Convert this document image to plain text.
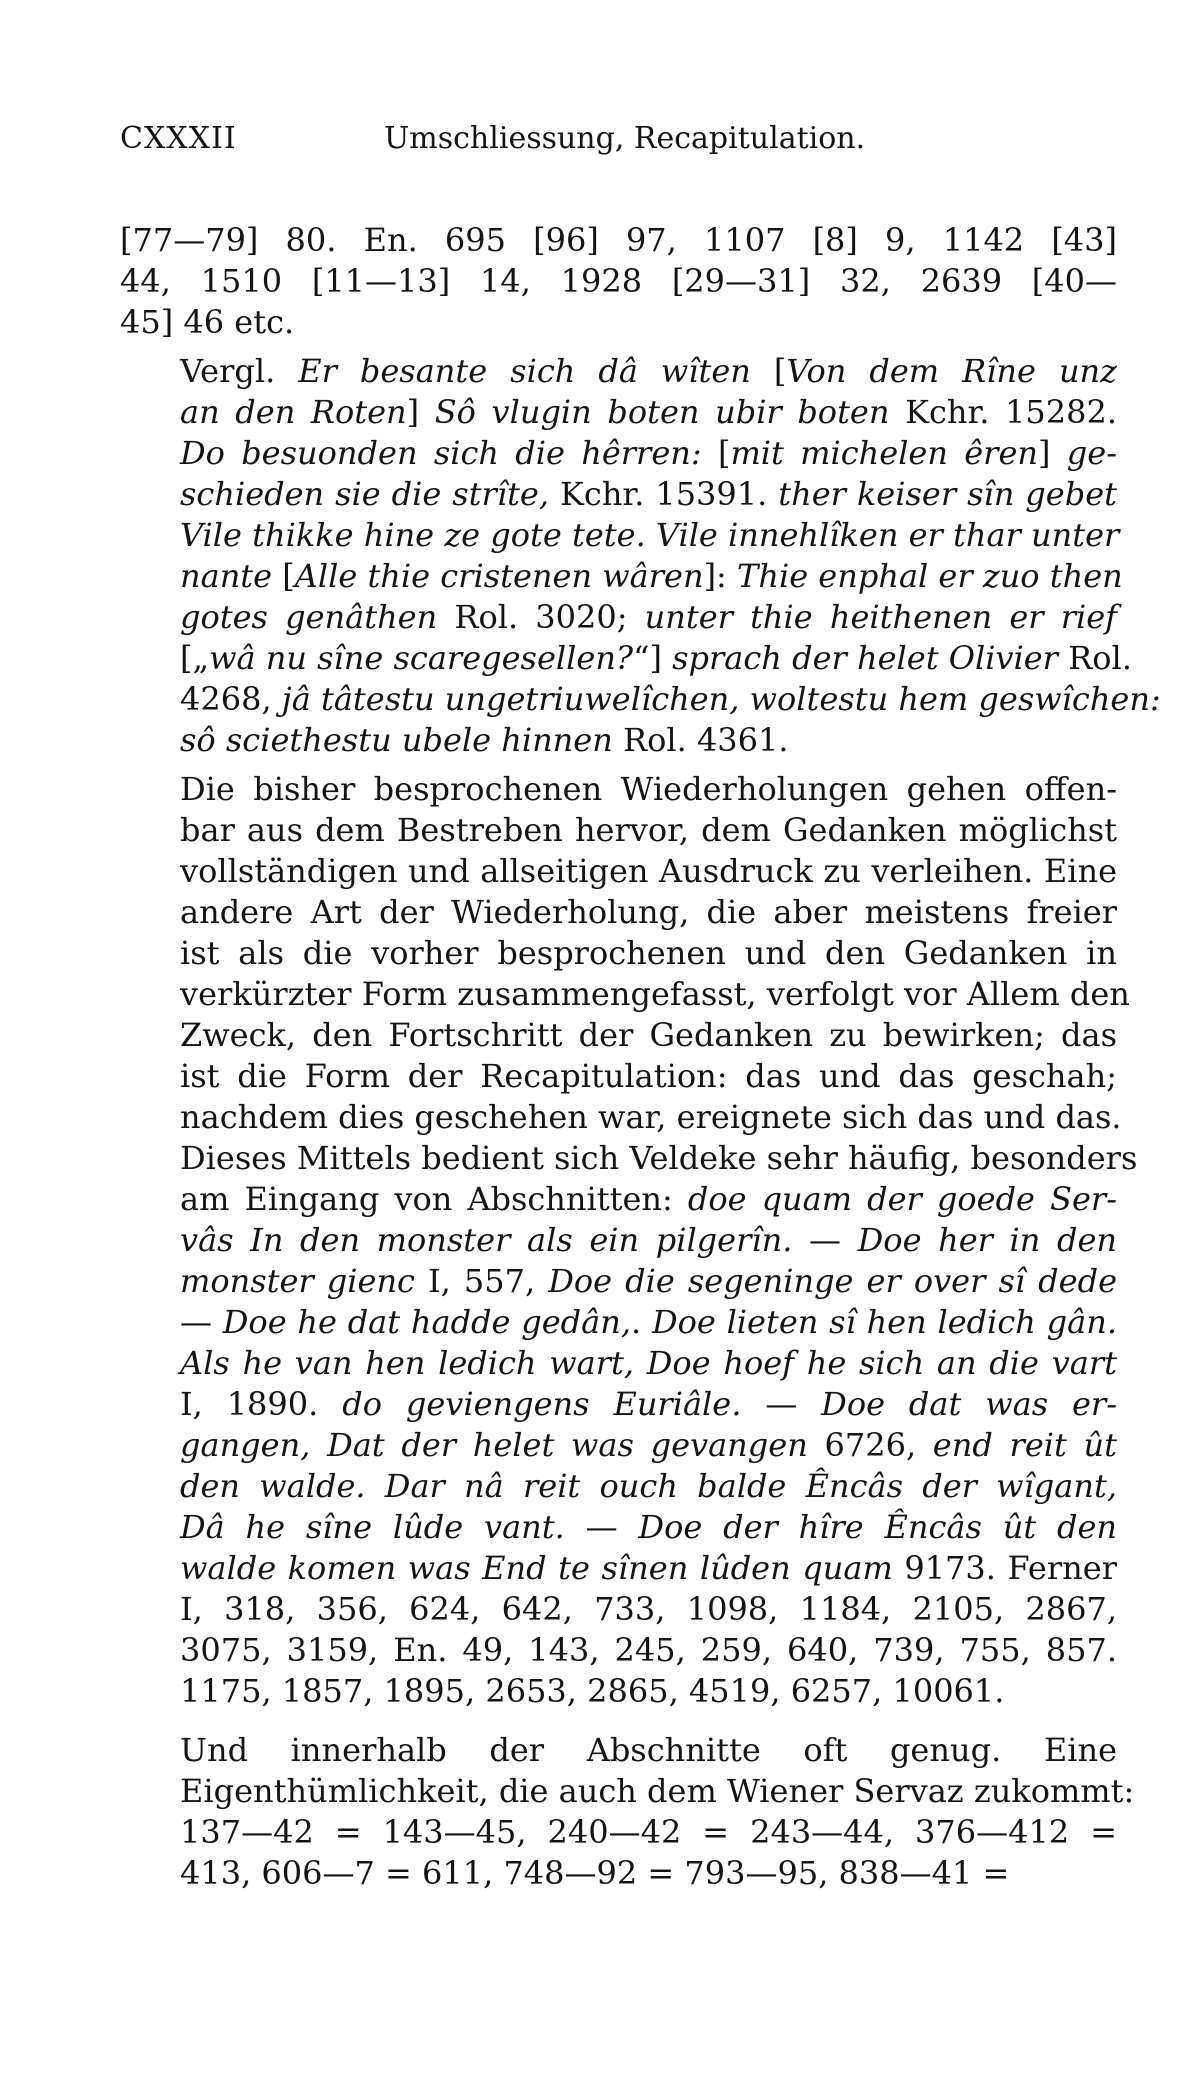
CXXXII	Umschliessung, Recapitulation.
[77—79] 80. En. 695 [96] 97, 1107 [8] 9, 1142 [43]
44, 1510 [11—13] 14, 1928 [29—31] 32, 2639 [40—
45] 46 etc.
Vergl. Er besante sich dâ wîten [Von dem Rîne unz
an den Roten] Sô vlugin boten ubir boten Kchr. 15282.
Do besuonden sich die hêrren: [mit michelen êren] ge-
schieden sie die strîte, Kchr. 15391. ther keiser sîn gebet
Vile thikke hine ze gote tete. Vile innehlîken er thar unter
nante [Alle thie cristenen wâren]: Thie enphal er zuo then
gotes genâthen Rol. 3020; unter thie heithenen er rief
[„wâ nu sîne scaregesellen?“] sprach der helet Olivier Rol.
4268, jâ tâtestu ungetriuwelîchen, woltestu hem geswîchen:
sô sciethestu ubele hinnen Rol. 4361.
Die bisher besprochenen Wiederholungen gehen offen-
bar aus dem Bestreben hervor, dem Gedanken möglichst
vollständigen und allseitigen Ausdruck zu verleihen. Eine
andere Art der Wiederholung, die aber meistens freier
ist als die vorher besprochenen und den Gedanken in
verkürzter Form zusammengefasst, verfolgt vor Allem den
Zweck, den Fortschritt der Gedanken zu bewirken; das
ist die Form der Recapitulation: das und das geschah;
nachdem dies geschehen war, ereignete sich das und das.
Dieses Mittels bedient sich Veldeke sehr häufig, besonders
am Eingang von Abschnitten: doe quam der goede Ser-
vâs In den monster als ein pilgerîn. — Doe her in den
monster gienc I, 557, Doe die segeninge er over sî dede
— Doe he dat hadde gedân,. Doe lieten sî hen ledich gân.
Als he van hen ledich wart, Doe hoef he sich an die vart
I, 1890. do geviengens Euriâle. — Doe dat was er-
gangen, Dat der helet was gevangen 6726, end reit ût
den walde. Dar nâ reit ouch balde Êncâs der wîgant,
Dâ he sîne lûde vant. — Doe der hîre Êncâs ût den
walde komen was End te sînen lûden quam 9173. Ferner
I, 318, 356, 624, 642, 733, 1098, 1184, 2105, 2867,
3075, 3159, En. 49, 143, 245, 259, 640, 739, 755, 857.
1175, 1857, 1895, 2653, 2865, 4519, 6257, 10061.
Und innerhalb der Abschnitte oft genug. Eine
Eigenthümlichkeit, die auch dem Wiener Servaz zukommt:
137—42 = 143—45, 240—42 = 243—44, 376—412 =
413, 606—7 = 611, 748—92 = 793—95, 838—41 =
